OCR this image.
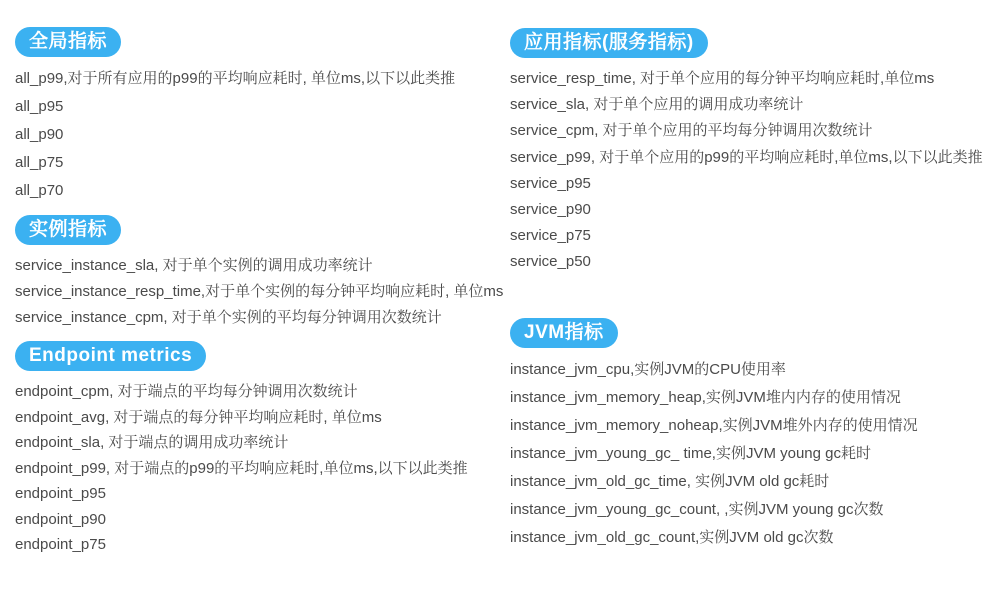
全局指标
all_p99,对于所有应用的p99的平均响应耗时, 单位ms,以下以此类推
all_p95
all_p90
all_p75
all_p70
实例指标
service_instance_sla, 对于单个实例的调用成功率统计
service_instance_resp_time,对于单个实例的每分钟平均响应耗时, 单位ms
service_instance_cpm, 对于单个实例的平均每分钟调用次数统计
Endpoint metrics
endpoint_cpm, 对于端点的平均每分钟调用次数统计
endpoint_avg, 对于端点的每分钟平均响应耗时, 单位ms
endpoint_sla, 对于端点的调用成功率统计
endpoint_p99, 对于端点的p99的平均响应耗时,单位ms,以下以此类推
endpoint_p95
endpoint_p90
endpoint_p75
应用指标(服务指标)
service_resp_time, 对于单个应用的每分钟平均响应耗时,单位ms
service_sla, 对于单个应用的调用成功率统计
service_cpm, 对于单个应用的平均每分钟调用次数统计
service_p99, 对于单个应用的p99的平均响应耗时,单位ms,以下以此类推
service_p95
service_p90
service_p75
service_p50
JVM指标
instance_jvm_cpu,实例JVM的CPU使用率
instance_jvm_memory_heap,实例JVM堆内内存的使用情况
instance_jvm_memory_noheap,实例JVM堆外内存的使用情况
instance_jvm_young_gc_ time,实例JVM young gc耗时
instance_jvm_old_gc_time, 实例JVM old gc耗时
instance_jvm_young_gc_count, ,实例JVM young gc次数
instance_jvm_old_gc_count,实例JVM old gc次数
